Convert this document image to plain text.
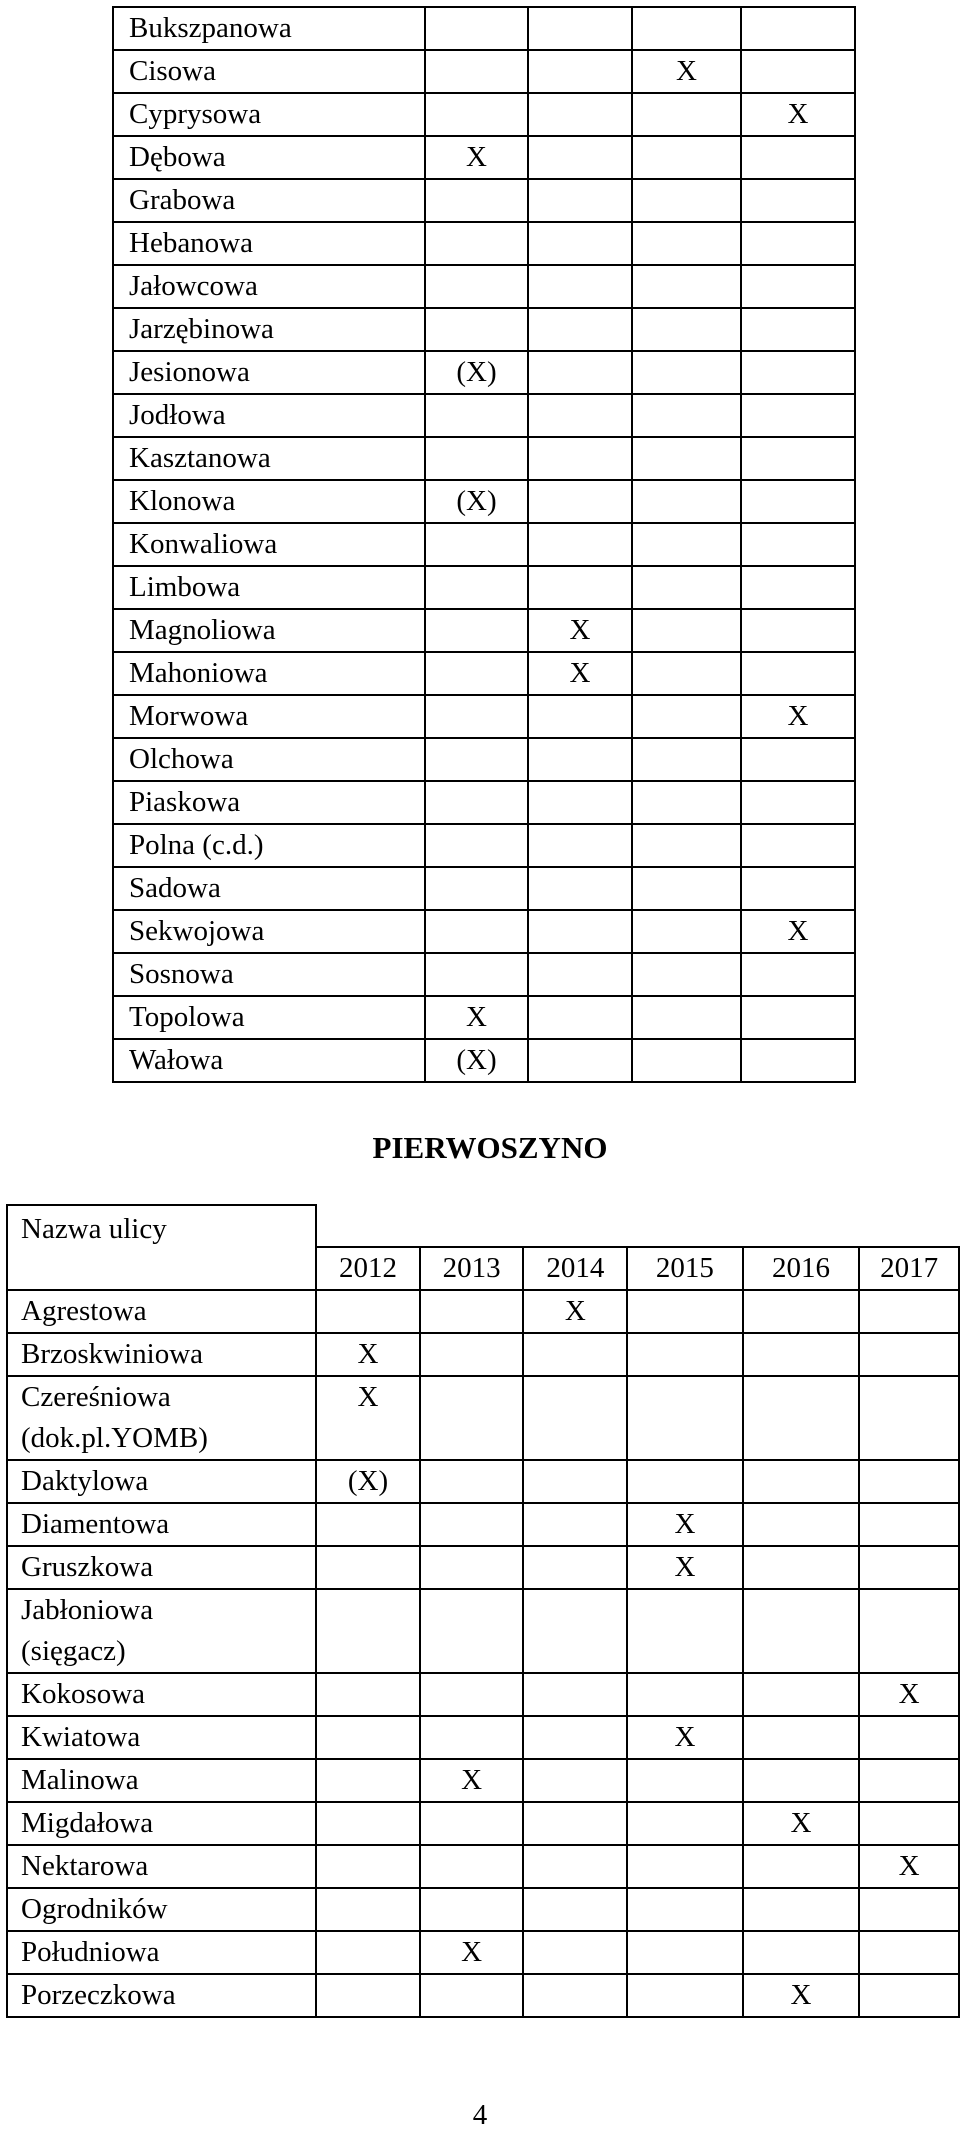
Bukszpanowa				
Cisowa			X	
Cyprysowa				X
Dębowa	X			
Grabowa				
Hebanowa				
Jałowcowa				
Jarzębinowa				
Jesionowa	(X)			
Jodłowa				
Kasztanowa				
Klonowa	(X)			
Konwaliowa				
Limbowa				
Magnoliowa		X		
Mahoniowa		X		
Morwowa				X
Olchowa				
Piaskowa				
Polna (c.d.)				
Sadowa				
Sekwojowa				X
Sosnowa				
Topolowa	X			
Wałowa	(X)			
PIERWOSZYNO
Nazwa ulicy						
	2012	2013	2014	2015	2016	2017
Agrestowa			X			
Brzoskwiniowa	X					

Czereśniowa
(dok.pl.YOMB)	X					
Daktylowa	(X)					
Diamentowa				X		
Gruszkowa				X		

Jabłoniowa
(sięgacz)						

Kokosowa						X
Kwiatowa				X		
Malinowa		X				
Migdałowa					X	
Nektarowa						X
Ogrodników						
Południowa		X				
Porzeczkowa					X	
4
